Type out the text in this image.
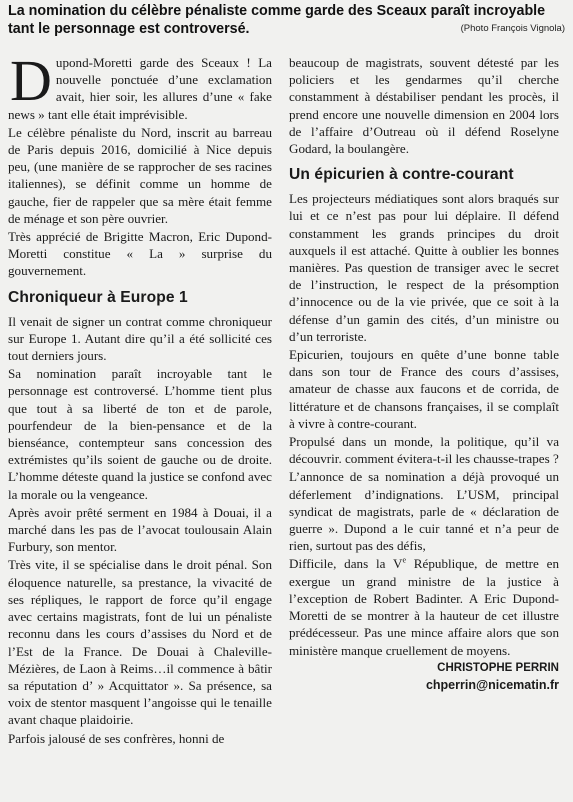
La nomination du célèbre pénaliste comme garde des Sceaux paraît incroyable tant le personnage est controversé.	(Photo François Vignola)

Dupond-Moretti garde des Sceaux ! La nouvelle ponctuée d’une exclamation avait, hier soir, les allures d’une « fake news » tant elle était imprévisible.

Le célèbre pénaliste du Nord, inscrit au barreau de Paris depuis 2016, domicilié à Nice depuis peu, (une manière de se rapprocher de ses racines italiennes), se définit comme un homme de gauche, fier de rappeler que sa mère était femme de ménage et son père ouvrier.

Très apprécié de Brigitte Macron, Eric Dupond-Moretti constitue « La » surprise du gouvernement.

Chroniqueur à Europe 1

Il venait de signer un contrat comme chroniqueur sur Europe 1. Autant dire qu’il a été sollicité ces tout derniers jours.

Sa nomination paraît incroyable tant le personnage est controversé. L’homme tient plus que tout à sa liberté de ton et de parole, pourfendeur de la bien-pensance et de la bienséance, contempteur sans concession des extrémistes qu’ils soient de gauche ou de droite. L’homme déteste quand la justice se confond avec la morale ou la vengeance.

Après avoir prêté serment en 1984 à Douai, il a marché dans les pas de l’avocat toulousain Alain Furbury, son mentor.

Très vite, il se spécialise dans le droit pénal. Son éloquence naturelle, sa prestance, la vivacité de ses répliques, le rapport de force qu’il engage avec certains magistrats, font de lui un pénaliste reconnu dans les cours d’assises du Nord et de l’Est de la France. De Douai à Chaleville-Mézières, de Laon à Reims…il commence à bâtir sa réputation d’ » Acquittator ». Sa présence, sa voix de stentor masquent l’angoisse qui le tenaille avant chaque plaidoirie.

Parfois jalousé de ses confrères, honni de

beaucoup de magistrats, souvent détesté par les policiers et les gendarmes qu’il cherche constamment à déstabiliser pendant les procès, il prend encore une nouvelle dimension en 2004 lors de l’affaire d’Outreau où il défend Roselyne Godard, la boulangère.

Un épicurien à contre-courant

Les projecteurs médiatiques sont alors braqués sur lui et ce n’est pas pour lui déplaire. Il défend constamment les grands principes du droit auxquels il est attaché. Quitte à oublier les bonnes manières. Pas question de transiger avec le secret de l’instruction, le respect de la présomption d’innocence ou de la vie privée, que ce soit à la défense d’un gamin des cités, d’un ministre ou d’un terroriste.

Epicurien, toujours en quête d’une bonne table dans son tour de France des cours d’assises, amateur de chasse aux faucons et de corrida, de littérature et de chansons françaises, il se complaît à vivre à contre-courant.

Propulsé dans un monde, la politique, qu’il va découvrir. comment évitera-t-il les chausse-trapes ?

L’annonce de sa nomination a déjà provoqué un déferlement d’indignations. L’USM, principal syndicat de magistrats, parle de « déclaration de guerre ». Dupond a le cuir tanné et n’a peur de rien, surtout pas des défis,

Difficile, dans la Ve République, de mettre en exergue un grand ministre de la justice à l’exception de Robert Badinter. A Eric Dupond-Moretti de se montrer à la hauteur de cet illustre prédécesseur. Pas une mince affaire alors que son ministère manque cruellement de moyens.

CHRISTOPHE PERRIN
chperrin@nicematin.fr
